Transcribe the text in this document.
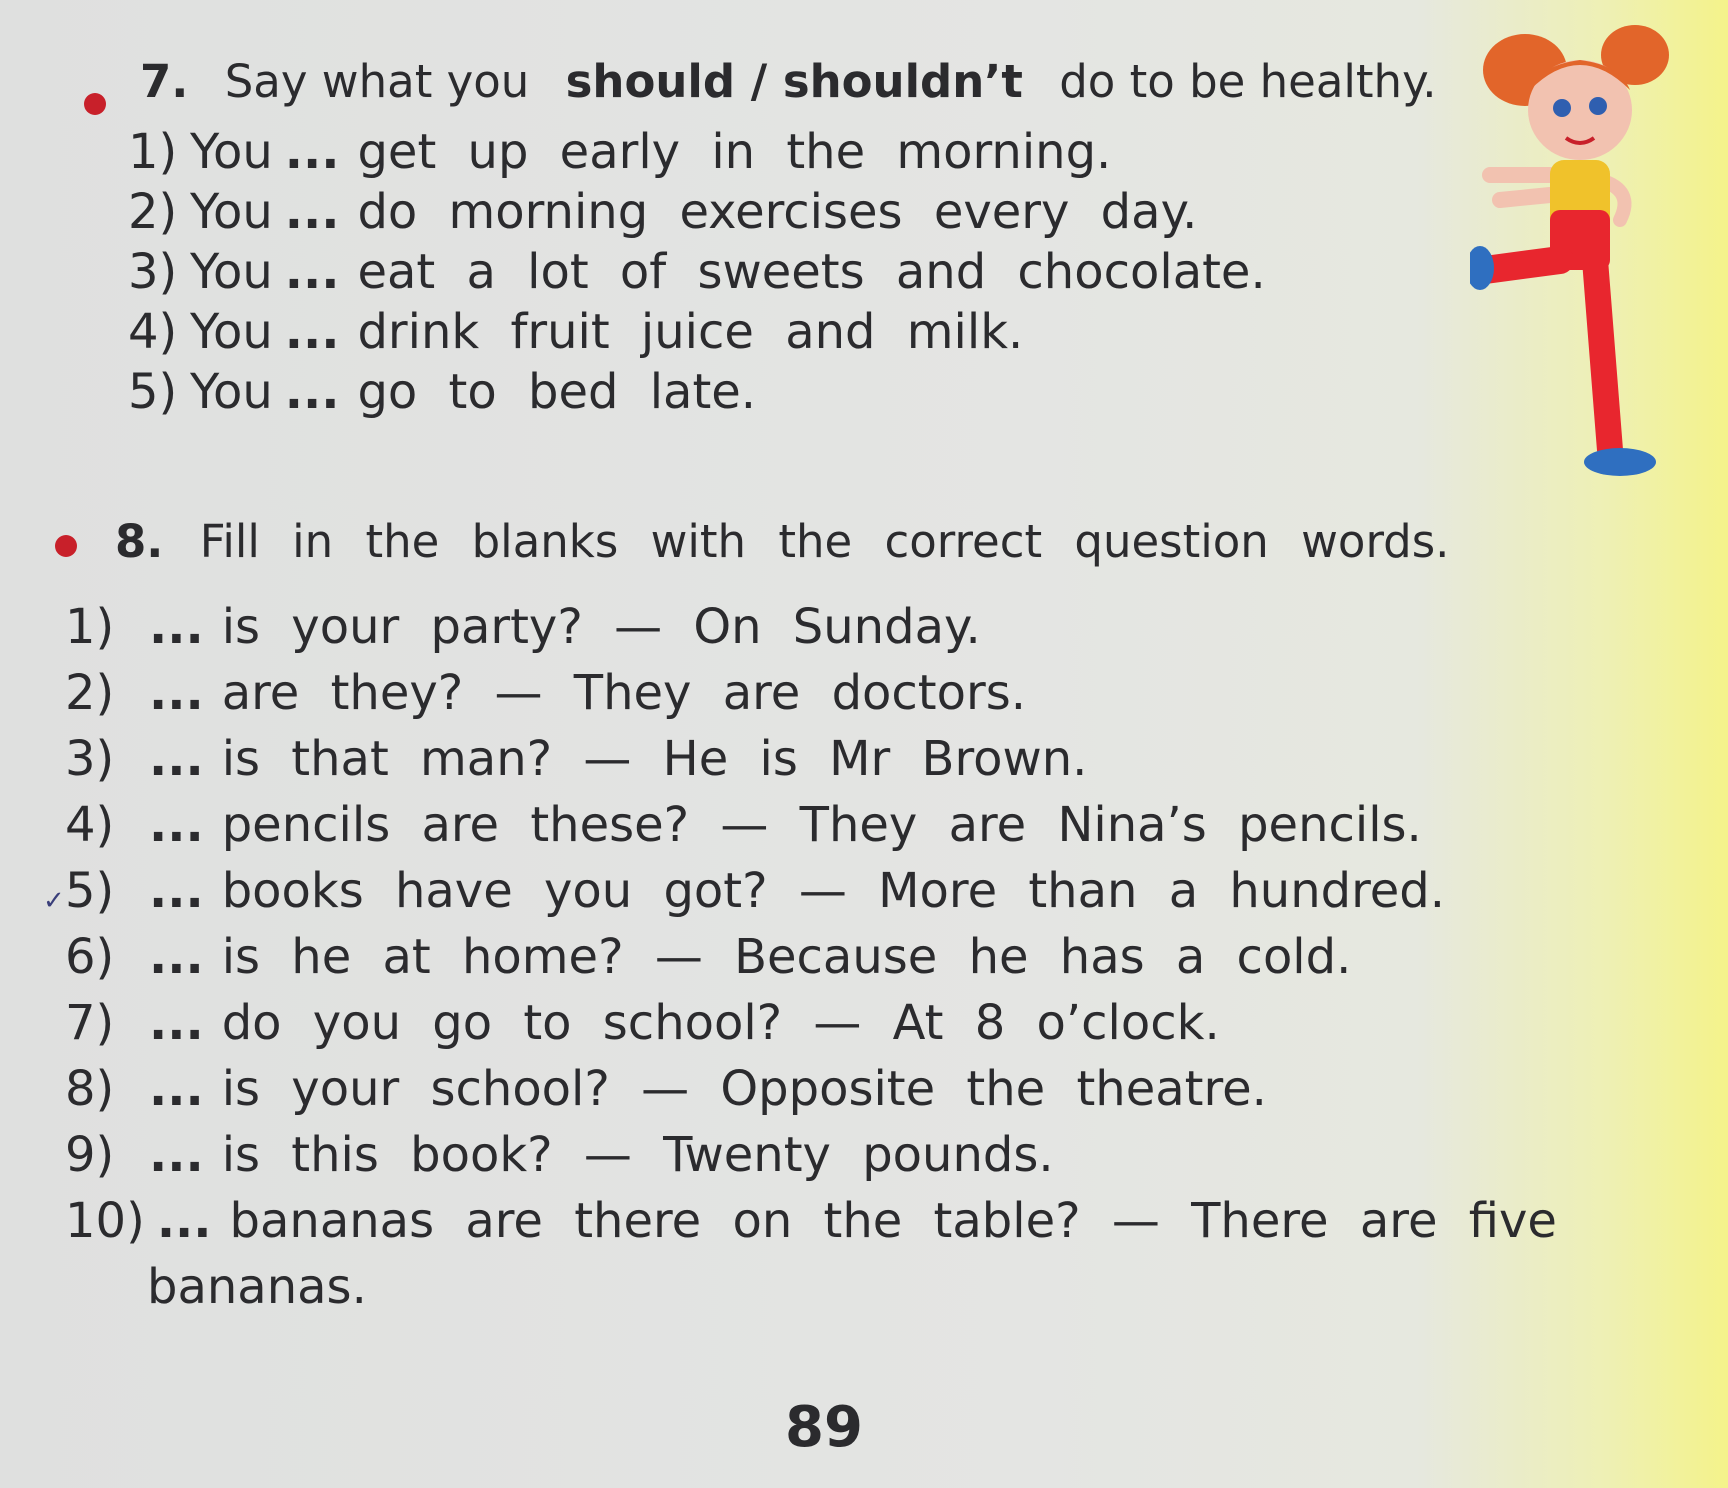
7. Say what you should / shouldn’t do to be healthy.
1) You ... get up early in the morning.
2) You ... do morning exercises every day.
3) You ... eat a lot of sweets and chocolate.
4) You ... drink fruit juice and milk.
5) You ... go to bed late.
8. Fill in the blanks with the correct question words.
1) ... is your party? — On Sunday.
2) ... are they? — They are doctors.
3) ... is that man? — He is Mr Brown.
4) ... pencils are these? — They are Nina’s pencils.
✓ 5) ... books have you got? — More than a hundred.
6) ... is he at home? — Because he has a cold.
7) ... do you go to school? — At 8 o’clock.
8) ... is your school? — Opposite the theatre.
9) ... is this book? — Twenty pounds.
10) ... bananas are there on the table? — There are five
bananas.
89
